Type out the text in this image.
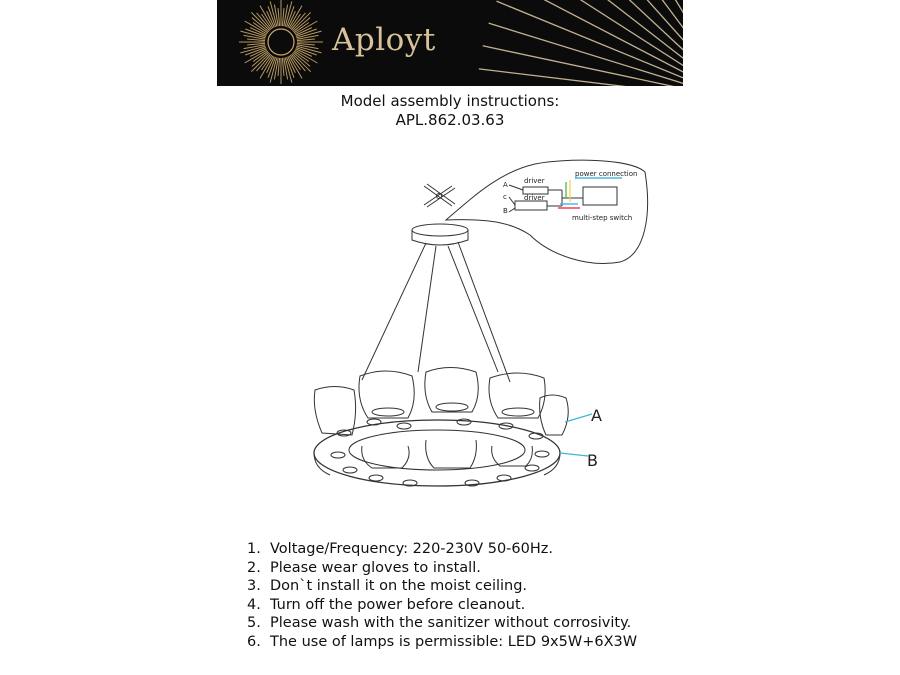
Aployt
Model assembly instructions:
APL.862.03.63
driver
driver
power connection
multi-step switch
A
c
B
A
B
1. Voltage/Frequency: 220-230V 50-60Hz.
2. Please wear gloves to install.
3. Don`t install it on the moist ceiling.
4. Turn off the power before cleanout.
5. Please wash with the sanitizer without corrosivity.
6. The use of lamps is permissible: LED 9x5W+6X3W
